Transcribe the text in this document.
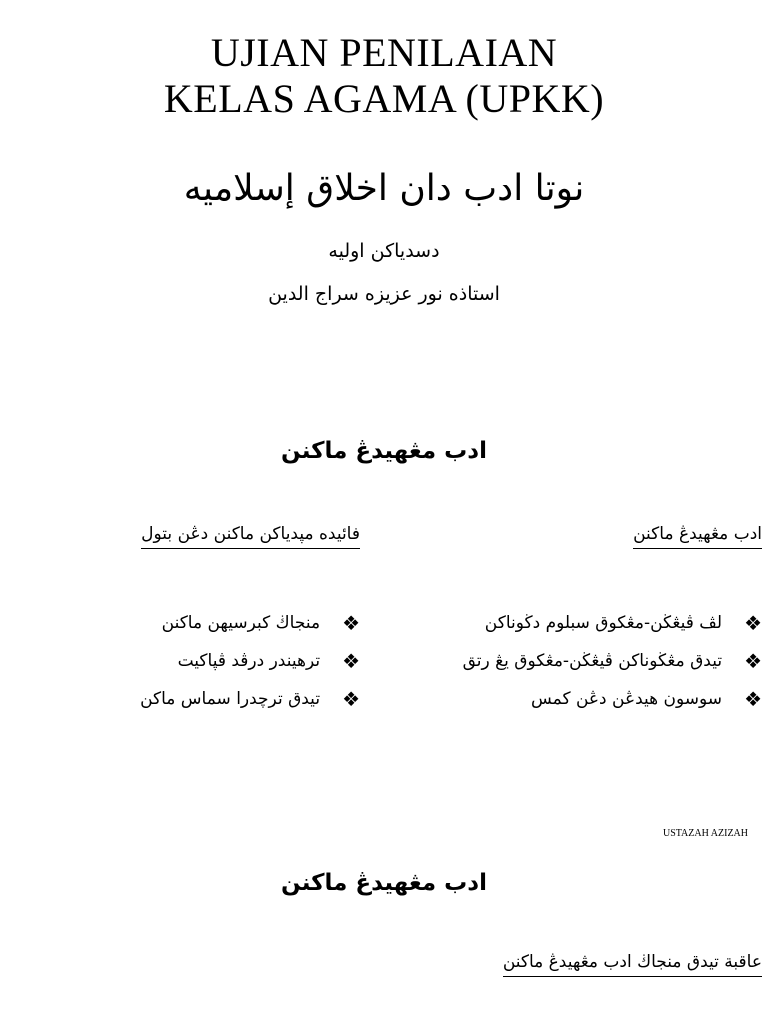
UJIAN PENILAIAN
KELAS AGAMA (UPKK)
نوتا ادب دان اخلاق إسلاميه
دسدياكن اوليه
استاذه نور عزيزه سراج الدين
ادب مڠهيدڠ ماكنن
ادب مڠهيدڠ ماكنن
فائيده مڽدياكن ماكنن دڠن بتول
❖
لڤ ڤيڠڬن-مڠكوق سبلوم دڬوناكن
❖
تيدق مڠڬوناكن ڤيڠڬن-مڠكوق يڠ رتق
❖
سوسون هيدڠن دڠن كمس
❖
منجاڬ كبرسيهن ماكنن
❖
ترهيندر درڤد ڤڽاكيت
❖
تيدق ترچدرا سماس ماكن
USTAZAH AZIZAH
ادب مڠهيدڠ ماكنن
عاقبة تيدق منجاڬ ادب مڠهيدڠ ماكنن
